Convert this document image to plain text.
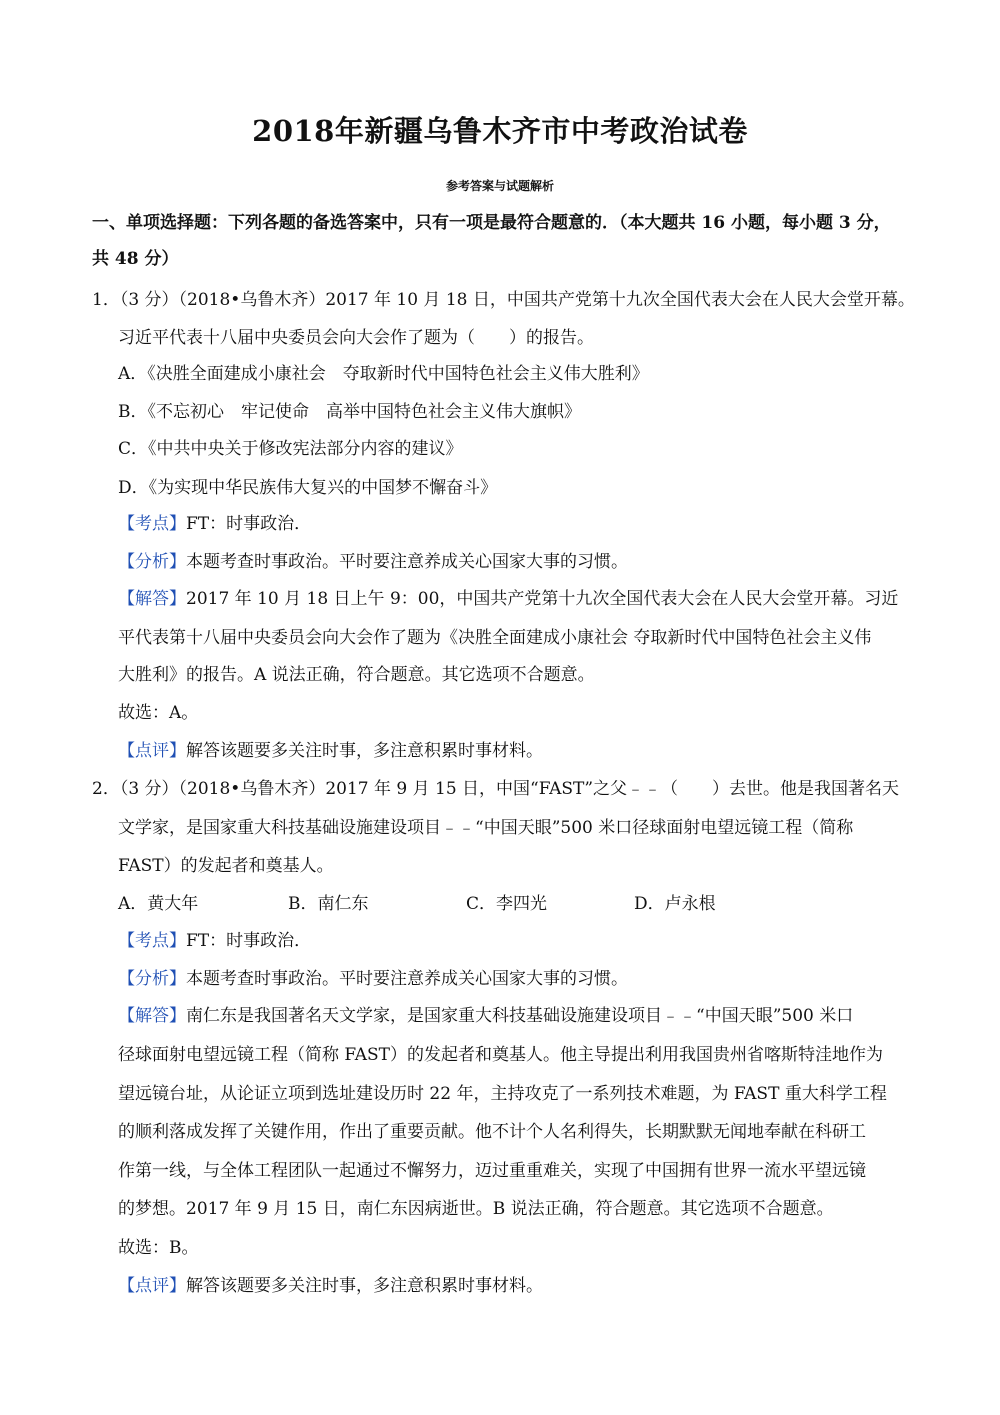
2018年新疆乌鲁木齐市中考政治试卷
参考答案与试题解析
一、单项选择题：下列各题的备选答案中，只有一项是最符合题意的．（本大题共 16 小题，每小题 3 分，
共 48 分）
1．（3 分）（2018•乌鲁木齐）2017 年 10 月 18 日，中国共产党第十九次全国代表大会在人民大会堂开幕。
习近平代表十八届中央委员会向大会作了题为（　　）的报告。
A．《决胜全面建成小康社会　夺取新时代中国特色社会主义伟大胜利》
B．《不忘初心　牢记使命　高举中国特色社会主义伟大旗帜》
C．《中共中央关于修改宪法部分内容的建议》
D．《为实现中华民族伟大复兴的中国梦不懈奋斗》
【考点】FT：时事政治．
【分析】本题考查时事政治。平时要注意养成关心国家大事的习惯。
【解答】2017 年 10 月 18 日上午 9：00，中国共产党第十九次全国代表大会在人民大会堂开幕。习近
平代表第十八届中央委员会向大会作了题为《决胜全面建成小康社会 夺取新时代中国特色社会主义伟
大胜利》的报告。A 说法正确，符合题意。其它选项不合题意。
故选：A。
【点评】解答该题要多关注时事，多注意积累时事材料。
2．（3 分）（2018•乌鲁木齐）2017 年 9 月 15 日，中国“FAST”之父﹣﹣（　　）去世。他是我国著名天
文学家，是国家重大科技基础设施建设项目﹣﹣“中国天眼”500 米口径球面射电望远镜工程（简称
FAST）的发起者和奠基人。
A．黄大年	B．南仁东	C．李四光	D．卢永根
【考点】FT：时事政治．
【分析】本题考查时事政治。平时要注意养成关心国家大事的习惯。
【解答】南仁东是我国著名天文学家，是国家重大科技基础设施建设项目﹣﹣“中国天眼”500 米口
径球面射电望远镜工程（简称 FAST）的发起者和奠基人。他主导提出利用我国贵州省喀斯特洼地作为
望远镜台址，从论证立项到选址建设历时 22 年，主持攻克了一系列技术难题，为 FAST 重大科学工程
的顺利落成发挥了关键作用，作出了重要贡献。他不计个人名利得失，长期默默无闻地奉献在科研工
作第一线，与全体工程团队一起通过不懈努力，迈过重重难关，实现了中国拥有世界一流水平望远镜
的梦想。2017 年 9 月 15 日，南仁东因病逝世。B 说法正确，符合题意。其它选项不合题意。
故选：B。
【点评】解答该题要多关注时事，多注意积累时事材料。
